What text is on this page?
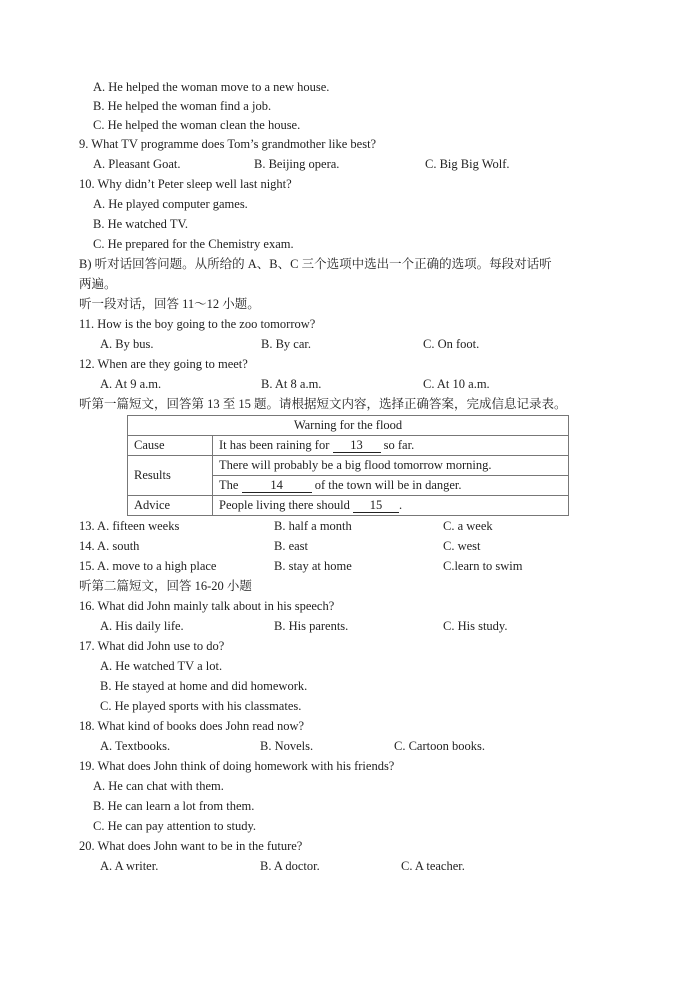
A. He helped the woman move to a new house.
B. He helped the woman find a job.
C. He helped the woman clean the house.
9. What TV programme does Tom’s grandmother like best?
A. Pleasant Goat.	B. Beijing opera.	C. Big Big Wolf.
10. Why didn’t Peter sleep well last night?
A. He played computer games.
B. He watched TV.
C. He prepared for the Chemistry exam.
B) 听对话回答问题。从所给的 A、B、C 三个选项中选出一个正确的选项。每段对话听
两遍。
听一段对话，回答 11～12 小题。
11. How is the boy going to the zoo tomorrow?
A. By bus.	B. By car.	C. On foot.
12. When are they going to meet?
A. At 9 a.m.	B. At 8 a.m.	C. At 10 a.m.
听第一篇短文，回答第 13 至 15 题。请根据短文内容，选择正确答案，完成信息记录表。
Warning for the flood	
Cause	It has been raining for 13 so far.
Results	There will probably be a big flood tomorrow morning.
	The 14 of the town will be in danger.
Advice	People living there should 15 .
13. A. fifteen weeks	B. half a month	C. a week
14. A. south	B. east	C. west
15. A. move to a high place	B. stay at home	C.learn to swim
听第二篇短文，回答 16-20 小题
16. What did John mainly talk about in his speech?
A. His daily life.	B. His parents.	C. His study.
17. What did John use to do?
A. He watched TV a lot.
B. He stayed at home and did homework.
C. He played sports with his classmates.
18. What kind of books does John read now?
A. Textbooks.	B. Novels.	C. Cartoon books.
19. What does John think of doing homework with his friends?
A. He can chat with them.
B. He can learn a lot from them.
C. He can pay attention to study.
20. What does John want to be in the future?
A. A writer.	B. A doctor.	C. A teacher.
